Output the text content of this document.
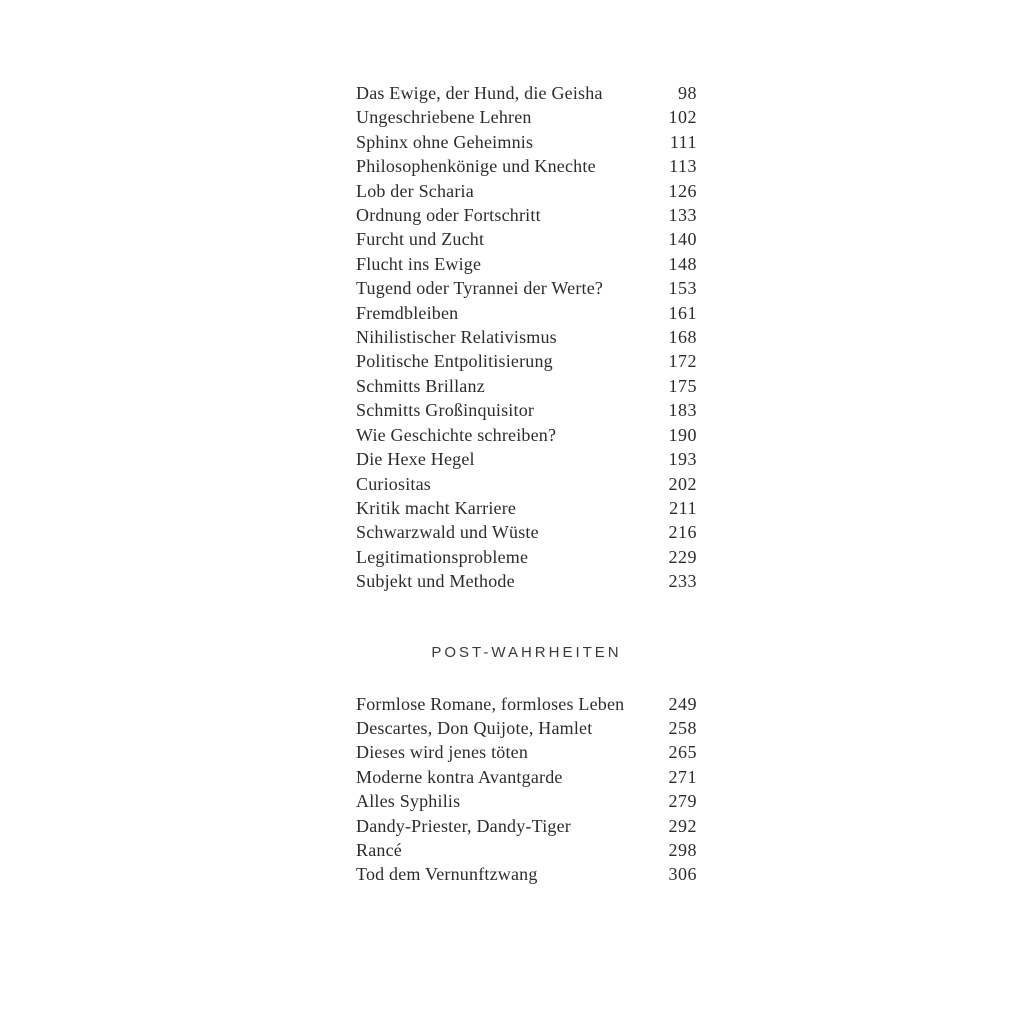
Das Ewige, der Hund, die Geisha	98
Ungeschriebene Lehren	102
Sphinx ohne Geheimnis	111
Philosophenkönige und Knechte	113
Lob der Scharia	126
Ordnung oder Fortschritt	133
Furcht und Zucht	140
Flucht ins Ewige	148
Tugend oder Tyrannei der Werte?	153
Fremdbleiben	161
Nihilistischer Relativismus	168
Politische Entpolitisierung	172
Schmitts Brillanz	175
Schmitts Großinquisitor	183
Wie Geschichte schreiben?	190
Die Hexe Hegel	193
Curiositas	202
Kritik macht Karriere	211
Schwarzwald und Wüste	216
Legitimationsprobleme	229
Subjekt und Methode	233
POST-WAHRHEITEN
Formlose Romane, formloses Leben 249
Descartes, Don Quijote, Hamlet	258
Dieses wird jenes töten	265
Moderne kontra Avantgarde	271
Alles Syphilis	279
Dandy-Priester, Dandy-Tiger	292
Rancé	298
Tod dem Vernunftzwang	306
